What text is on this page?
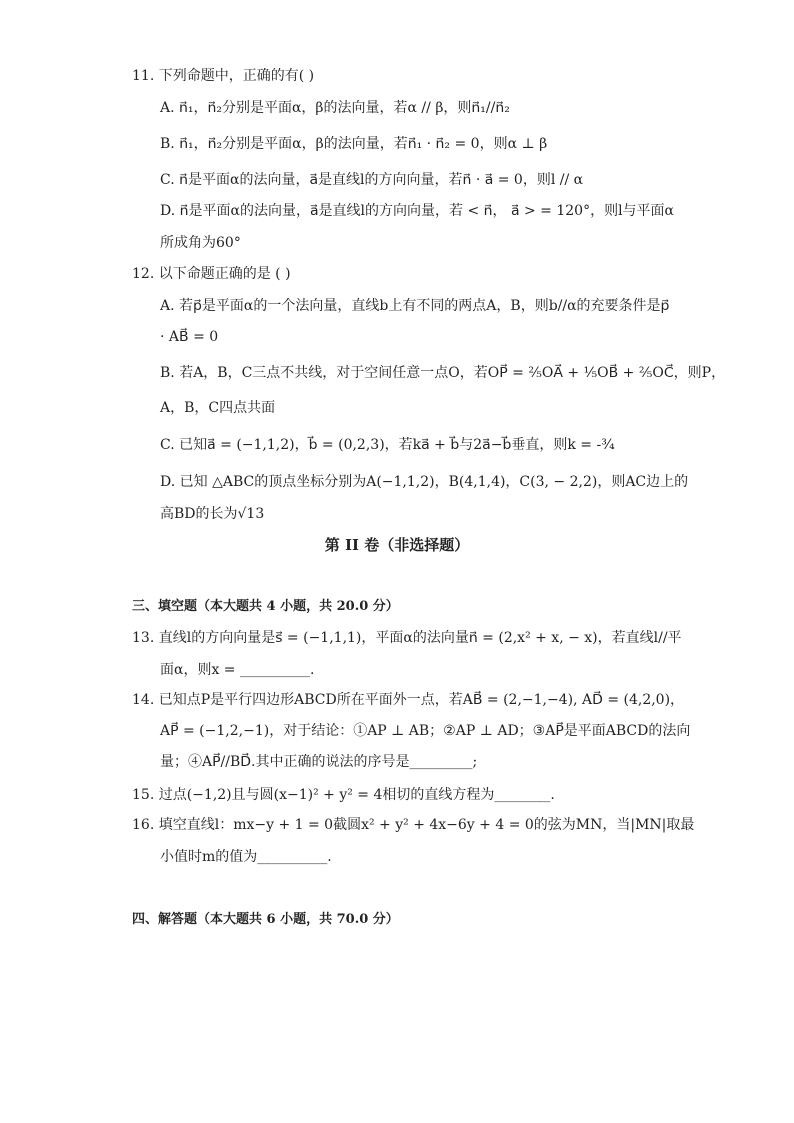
11. 下列命题中，正确的有( )
A. n⃗₁，n⃗₂分别是平面α，β的法向量，若α // β，则n⃗₁//n⃗₂
B. n⃗₁，n⃗₂分别是平面α，β的法向量，若n⃗₁ · n⃗₂ = 0，则α ⊥ β
C. n⃗是平面α的法向量，a⃗是直线l的方向向量，若n⃗ · a⃗ = 0，则l // α
D. n⃗是平面α的法向量，a⃗是直线l的方向向量，若 < n⃗， a⃗ > = 120°，则l与平面α
所成角为60°
12. 以下命题正确的是 ( )
A. 若p⃗是平面α的一个法向量，直线b上有不同的两点A，B，则b//α的充要条件是p⃗
· AB⃗ = 0
B. 若A，B，C三点不共线，对于空间任意一点O，若OP⃗ = ²⁄₅OA⃗ + ¹⁄₅OB⃗ + ²⁄₅OC⃗，则P，
A，B，C四点共面
C. 已知a⃗ = (−1,1,2)，b⃗ = (0,2,3)，若ka⃗ + b⃗与2a⃗−b⃗垂直，则k = -³⁄₄
D. 已知 △ABC的顶点坐标分别为A(−1,1,2)，B(4,1,4)，C(3, − 2,2)，则AC边上的
高BD的长为√13
第 II 卷（非选择题）
三、填空题（本大题共 4 小题，共 20.0 分）
13. 直线l的方向向量是s⃗ = (−1,1,1)，平面α的法向量n⃗ = (2,x² + x, − x)，若直线l//平
面α，则x = __________.
14. 已知点P是平行四边形ABCD所在平面外一点，若AB⃗ = (2,−1,−4), AD⃗ = (4,2,0)，
AP⃗ = (−1,2,−1)，对于结论：①AP ⊥ AB；②AP ⊥ AD；③AP⃗是平面ABCD的法向
量；④AP⃗//BD⃗.其中正确的说法的序号是_________;
15. 过点(−1,2)且与圆(x−1)² + y² = 4相切的直线方程为________.
16. 填空直线l：mx−y + 1 = 0截圆x² + y² + 4x−6y + 4 = 0的弦为MN，当|MN|取最
小值时m的值为__________.
四、解答题（本大题共 6 小题，共 70.0 分）
